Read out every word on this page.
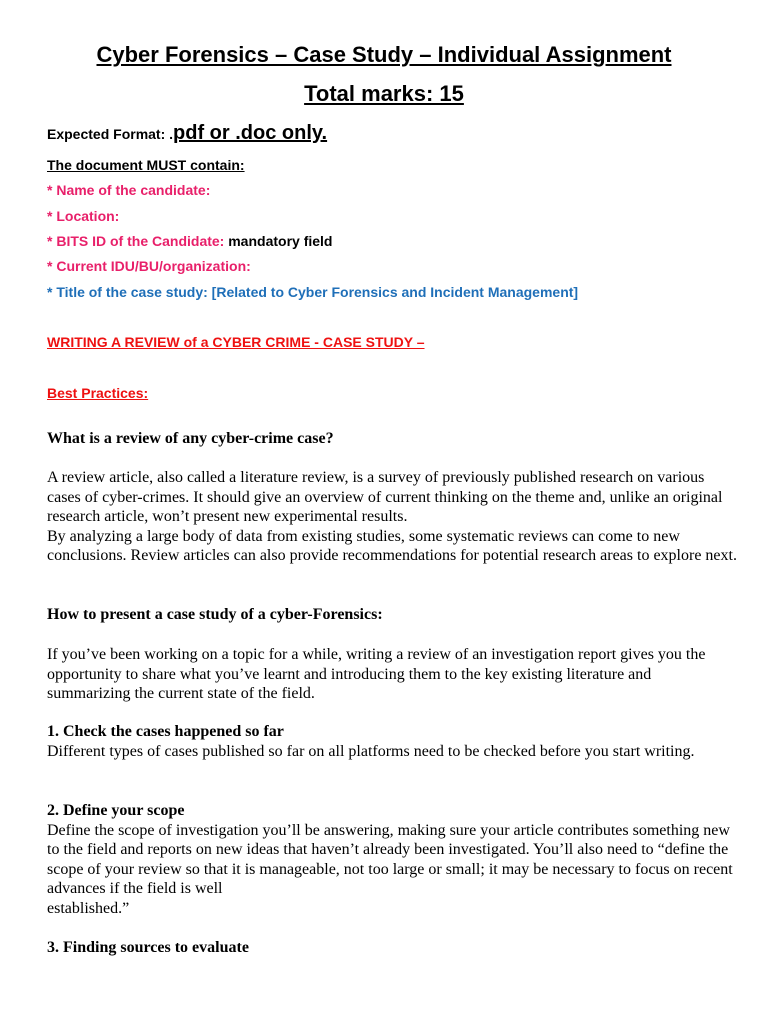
Cyber Forensics – Case Study – Individual Assignment
Total marks: 15
Expected Format: .pdf or .doc only.
The document MUST contain:
* Name of the candidate:
* Location:
* BITS ID of the Candidate: mandatory field
* Current IDU/BU/organization:
* Title of the case study: [Related to Cyber Forensics and Incident Management]
WRITING A REVIEW of a CYBER CRIME - CASE STUDY –
Best Practices:

What is a review of any cyber-crime case?

A review article, also called a literature review, is a survey of previously published research on various cases of cyber-crimes. It should give an overview of current thinking on the theme and, unlike an original research article, won’t present new experimental results.

By analyzing a large body of data from existing studies, some systematic reviews can come to new conclusions. Review articles can also provide recommendations for potential research areas to explore next.

How to present a case study of a cyber-Forensics:

If you’ve been working on a topic for a while, writing a review of an investigation report gives you the opportunity to share what you’ve learnt and introducing them to the key existing literature and summarizing the current state of the field.

1. Check the cases happened so far

Different types of cases published so far on all platforms need to be checked before you start writing.

2. Define your scope

Define the scope of investigation you’ll be answering, making sure your article contributes something new to the field and reports on new ideas that haven’t already been investigated. You’ll also need to “define the scope of your review so that it is manageable, not too large or small; it may be necessary to focus on recent advances if the field is well

established.”

3. Finding sources to evaluate
